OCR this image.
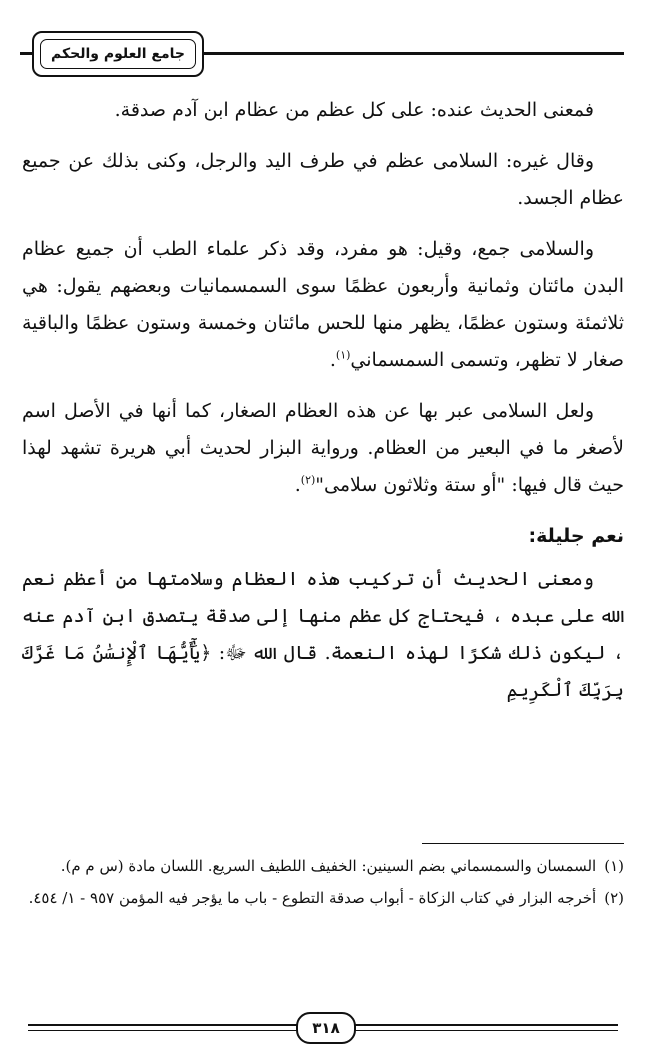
جامع العلوم والحكم

فمعنى الحديث عنده: على كل عظم من عظام ابن آدم صدقة.

وقال غيره: السلامى عظم في طرف اليد والرجل، وكنى بذلك عن جميع عظام الجسد.

والسلامى جمع، وقيل: هو مفرد، وقد ذكر علماء الطب أن جميع عظام البدن مائتان وثمانية وأربعون عظمًا سوى السمسمانيات وبعضهم يقول: هي ثلاثمئة وستون عظمًا، يظهر منها للحس مائتان وخمسة وستون عظمًا والباقية صغار لا تظهر، وتسمى السمسماني$^{(١)}$.

ولعل السلامى عبر بها عن هذه العظام الصغار، كما أنها في الأصل اسم لأصغر ما في البعير من العظام. ورواية البزار لحديث أبي هريرة تشهد لهذا حيث قال فيها: "أو ستة وثلاثون سلامى"$^{(٢)}$.

نعم جليلة:

ومعنى الحديث أن تركيب هذه العظام وسلامتها من أعظم نعم الله على عبده ، فيحتاج كل عظم منها إلى صدقة يتصدق ابن آدم عنه ، ليكون ذلك شكرًا لهذه النعمة. قال الله ﷻ: ﴿يَٰٓأَيُّهَا ٱلْإِنسَٰنُ مَا غَرَّكَ بِرَبِّكَ ٱلْكَرِيمِ

(١)
السمسان والسمسماني بضم السينين: الخفيف اللطيف السريع. اللسان مادة (س م م).
(٢)
أخرجه البزار في كتاب الزكاة - أبواب صدقة التطوع - باب ما يؤجر فيه المؤمن ٩٥٧ - ١/ ٤٥٤.
٣١٨
